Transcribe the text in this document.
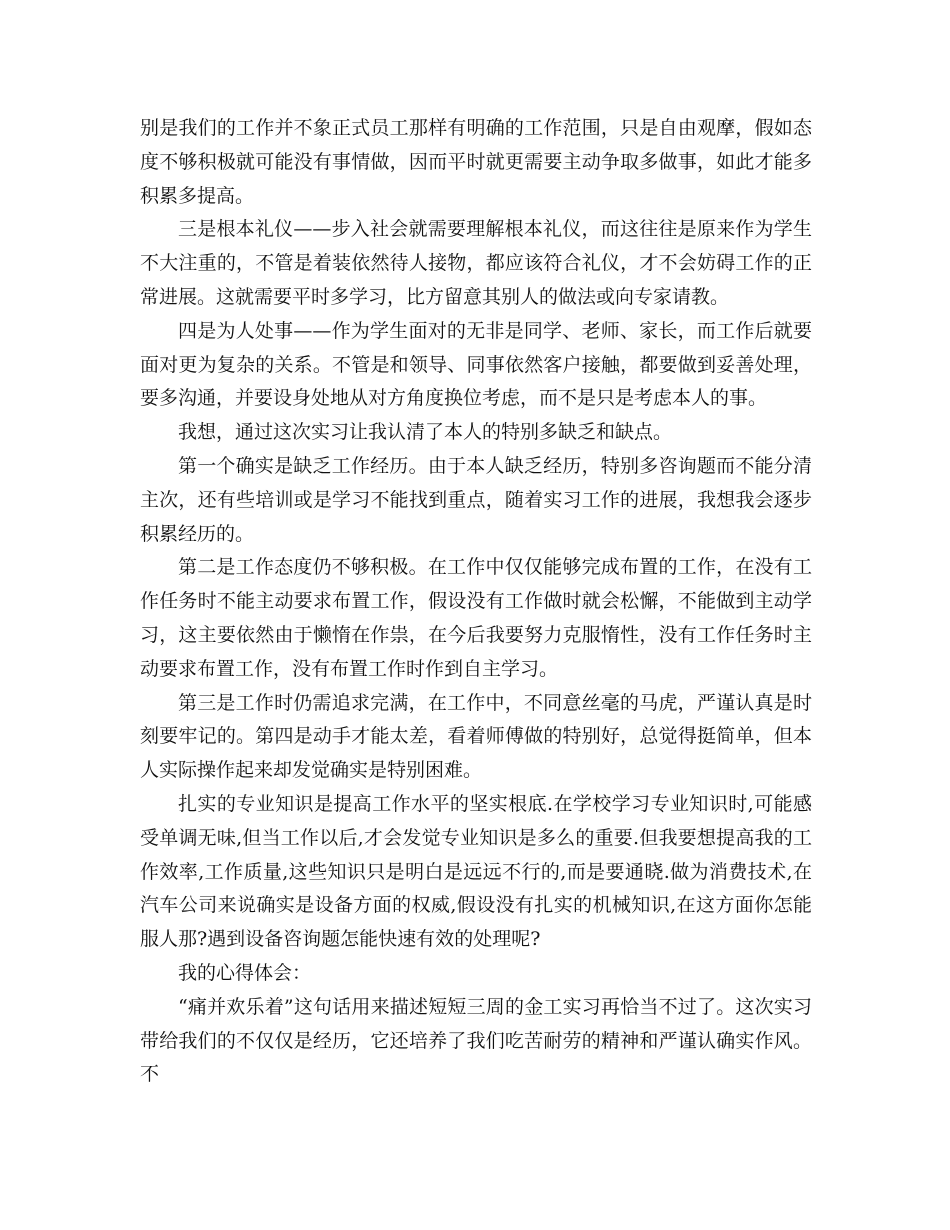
别是我们的工作并不象正式员工那样有明确的工作范围，只是自由观摩，假如态度不够积极就可能没有事情做，因而平时就更需要主动争取多做事，如此才能多积累多提高。

三是根本礼仪——步入社会就需要理解根本礼仪，而这往往是原来作为学生不大注重的，不管是着装依然待人接物，都应该符合礼仪，才不会妨碍工作的正常进展。这就需要平时多学习，比方留意其别人的做法或向专家请教。

四是为人处事——作为学生面对的无非是同学、老师、家长，而工作后就要面对更为复杂的关系。不管是和领导、同事依然客户接触，都要做到妥善处理，要多沟通，并要设身处地从对方角度换位考虑，而不是只是考虑本人的事。

我想，通过这次实习让我认清了本人的特别多缺乏和缺点。

第一个确实是缺乏工作经历。由于本人缺乏经历，特别多咨询题而不能分清主次，还有些培训或是学习不能找到重点，随着实习工作的进展，我想我会逐步积累经历的。

第二是工作态度仍不够积极。在工作中仅仅能够完成布置的工作，在没有工作任务时不能主动要求布置工作，假设没有工作做时就会松懈，不能做到主动学习，这主要依然由于懒惰在作祟，在今后我要努力克服惰性，没有工作任务时主动要求布置工作，没有布置工作时作到自主学习。

第三是工作时仍需追求完满，在工作中，不同意丝毫的马虎，严谨认真是时刻要牢记的。第四是动手才能太差，看着师傅做的特别好，总觉得挺简单，但本人实际操作起来却发觉确实是特别困难。

扎实的专业知识是提高工作水平的坚实根底.在学校学习专业知识时,可能感受单调无味,但当工作以后,才会发觉专业知识是多么的重要.但我要想提高我的工作效率,工作质量,这些知识只是明白是远远不行的,而是要通晓.做为消费技术,在汽车公司来说确实是设备方面的权威,假设没有扎实的机械知识,在这方面你怎能服人那?遇到设备咨询题怎能快速有效的处理呢?

我的心得体会：

“痛并欢乐着”这句话用来描述短短三周的金工实习再恰当不过了。这次实习带给我们的不仅仅是经历，它还培养了我们吃苦耐劳的精神和严谨认确实作风。不
